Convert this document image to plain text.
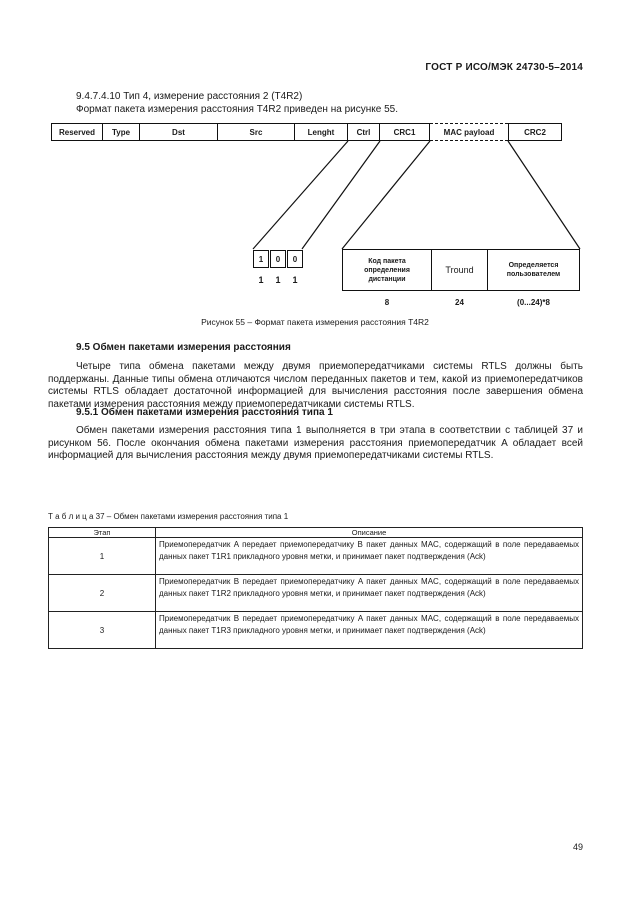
ГОСТ Р ИСО/МЭК 24730-5–2014
9.4.7.4.10 Тип 4, измерение расстояния 2 (T4R2)
Формат пакета измерения расстояния T4R2 приведен на рисунке 55.
Reserved	Type	Dst	Src	Lenght	Ctrl	CRC1	MAC payload	CRC2
1	0	0
1	1	1
Код пакета определения дистанции
Tround	Определяется пользователем
8	24	(0...24)*8
Рисунок 55 – Формат пакета измерения расстояния T4R2
9.5 Обмен пакетами измерения расстояния
Четыре типа обмена пакетами между двумя приемопередатчиками системы RTLS должны быть поддержаны. Данные типы обмена отличаются числом переданных пакетов и тем, какой из приемопередатчиков системы RTLS обладает достаточной информацией для вычисления расстояния после завершения обмена пакетами измерения расстояния между приемопередатчиками системы RTLS.
9.5.1 Обмен пакетами измерения расстояния типа 1
Обмен пакетами измерения расстояния типа 1 выполняется в три этапа в соответствии с таблицей 37 и рисунком 56. После окончания обмена пакетами измерения расстояния приемопередатчик A обладает всей информацией для вычисления расстояния между двумя приемопередатчиками системы RTLS.
Т а б л и ц а 37 – Обмен пакетами измерения расстояния типа 1
Этап	Описание
1	Приемопередатчик A передает приемопередатчику B пакет данных MAC, содержащий в поле передаваемых данных пакет T1R1 прикладного уровня метки, и принимает пакет подтверждения (Ack)
2	Приемопередатчик B передает приемопередатчику A пакет данных MAC, содержащий в поле передаваемых данных пакет T1R2 прикладного уровня метки, и принимает пакет подтверждения (Ack)
3	Приемопередатчик B передает приемопередатчику A пакет данных MAC, содержащий в поле передаваемых данных пакет T1R3 прикладного уровня метки, и принимает пакет подтверждения (Ack)
49
